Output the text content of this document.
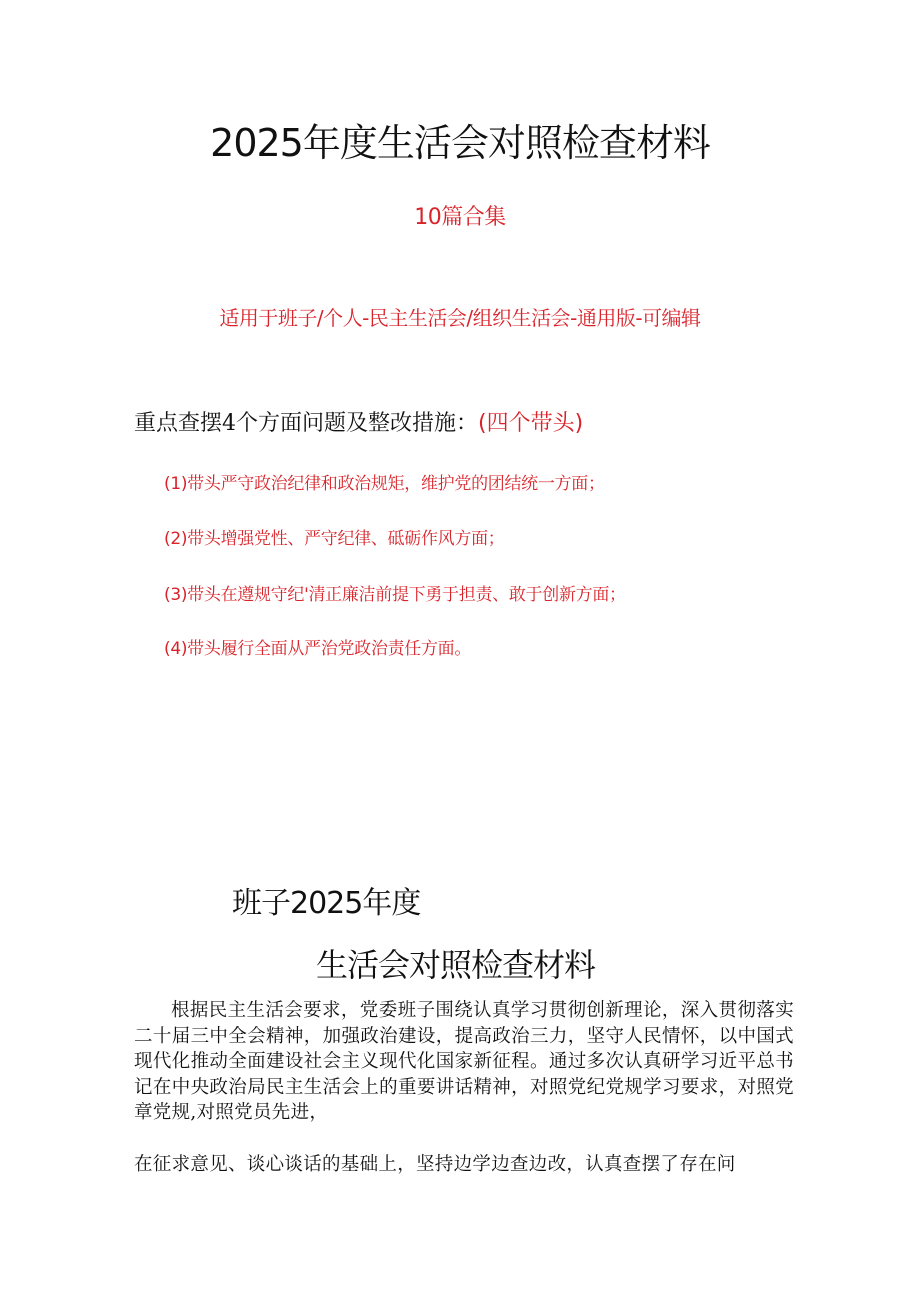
2025年度生活会对照检查材料
10篇合集
适用于班子/个人-民主生活会/组织生活会-通用版-可编辑
重点查摆4个方面问题及整改措施：(四个带头)
(1)带头严守政治纪律和政治规矩，维护党的团结统一方面；
(2)带头增强党性、严守纪律、砥砺作风方面；
(3)带头在遵规守纪'清正廉洁前提下勇于担责、敢于创新方面；
(4)带头履行全面从严治党政治责任方面。
班子2025年度
生活会对照检查材料
根据民主生活会要求，党委班子围绕认真学习贯彻创新理论，深入贯彻落实二十届三中全会精神，加强政治建设，提高政治三力，坚守人民情怀，以中国式现代化推动全面建设社会主义现代化国家新征程。通过多次认真研学习近平总书记在中央政治局民主生活会上的重要讲话精神，对照党纪党规学习要求，对照党章党规,对照党员先进，
在征求意见、谈心谈话的基础上，坚持边学边查边改，认真查摆了存在问
